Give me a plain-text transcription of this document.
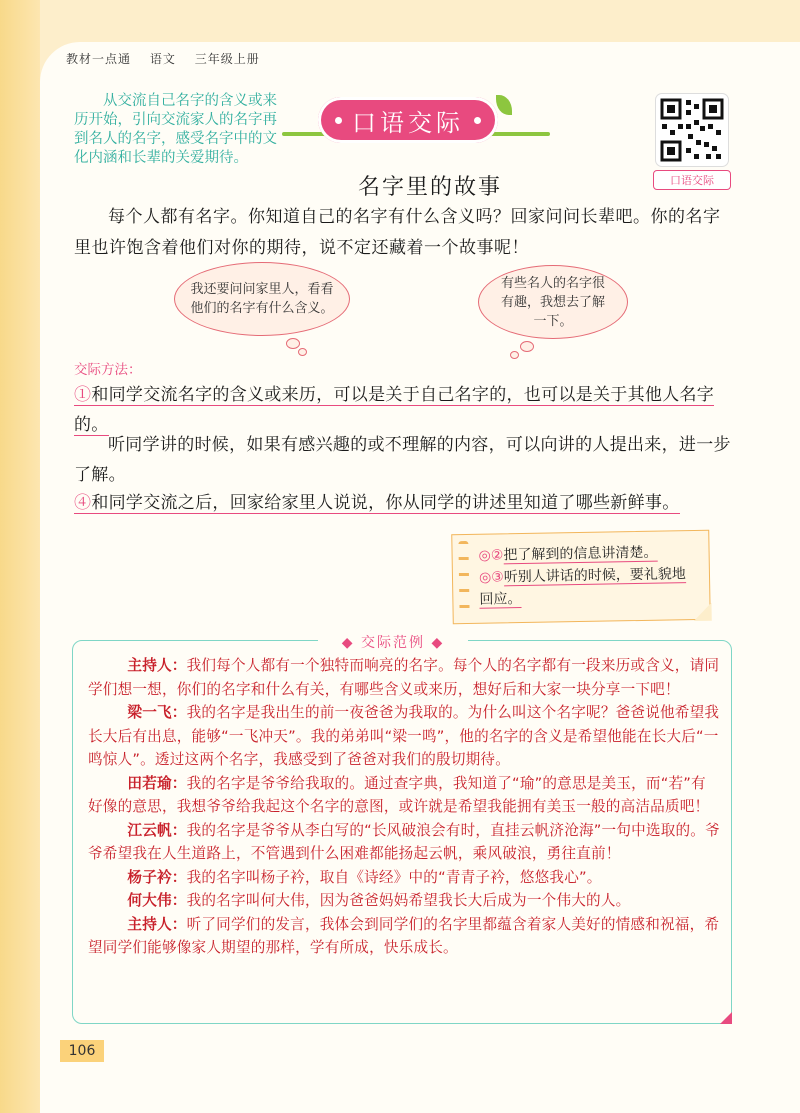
教材一点通 语文 三年级上册
从交流自己名字的含义或来历开始，引向交流家人的名字再到名人的名字，感受名字中的文化内涵和长辈的关爱期待。
口语交际
口语交际
名字里的故事
每个人都有名字。你知道自己的名字有什么含义吗？回家问问长辈吧。你的名字里也许饱含着他们对你的期待，说不定还藏着一个故事呢！
我还要问问家里人，看看他们的名字有什么含义。
有些名人的名字很有趣，我想去了解一下。
交际方法：
①和同学交流名字的含义或来历，可以是关于自己名字的，也可以是关于其他人名字的。
听同学讲的时候，如果有感兴趣的或不理解的内容，可以向讲的人提出来，进一步了解。
④和同学交流之后，回家给家里人说说，你从同学的讲述里知道了哪些新鲜事。
◎②把了解到的信息讲清楚。
◎③听别人讲话的时候，要礼貌地回应。
◆ 交际范例 ◆

主持人：我们每个人都有一个独特而响亮的名字。每个人的名字都有一段来历或含义，请同学们想一想，你们的名字和什么有关，有哪些含义或来历，想好后和大家一块分享一下吧！

梁一飞：我的名字是我出生的前一夜爸爸为我取的。为什么叫这个名字呢？爸爸说他希望我长大后有出息，能够“一飞冲天”。我的弟弟叫“梁一鸣”，他的名字的含义是希望他能在长大后“一鸣惊人”。透过这两个名字，我感受到了爸爸对我们的殷切期待。

田若瑜：我的名字是爷爷给我取的。通过查字典，我知道了“瑜”的意思是美玉，而“若”有好像的意思，我想爷爷给我起这个名字的意图，或许就是希望我能拥有美玉一般的高洁品质吧！

江云帆：我的名字是爷爷从李白写的“长风破浪会有时，直挂云帆济沧海”一句中选取的。爷爷希望我在人生道路上，不管遇到什么困难都能扬起云帆，乘风破浪，勇往直前！

杨子衿：我的名字叫杨子衿，取自《诗经》中的“青青子衿，悠悠我心”。

何大伟：我的名字叫何大伟，因为爸爸妈妈希望我长大后成为一个伟大的人。

主持人：听了同学们的发言，我体会到同学们的名字里都蕴含着家人美好的情感和祝福，希望同学们能够像家人期望的那样，学有所成，快乐成长。

106
